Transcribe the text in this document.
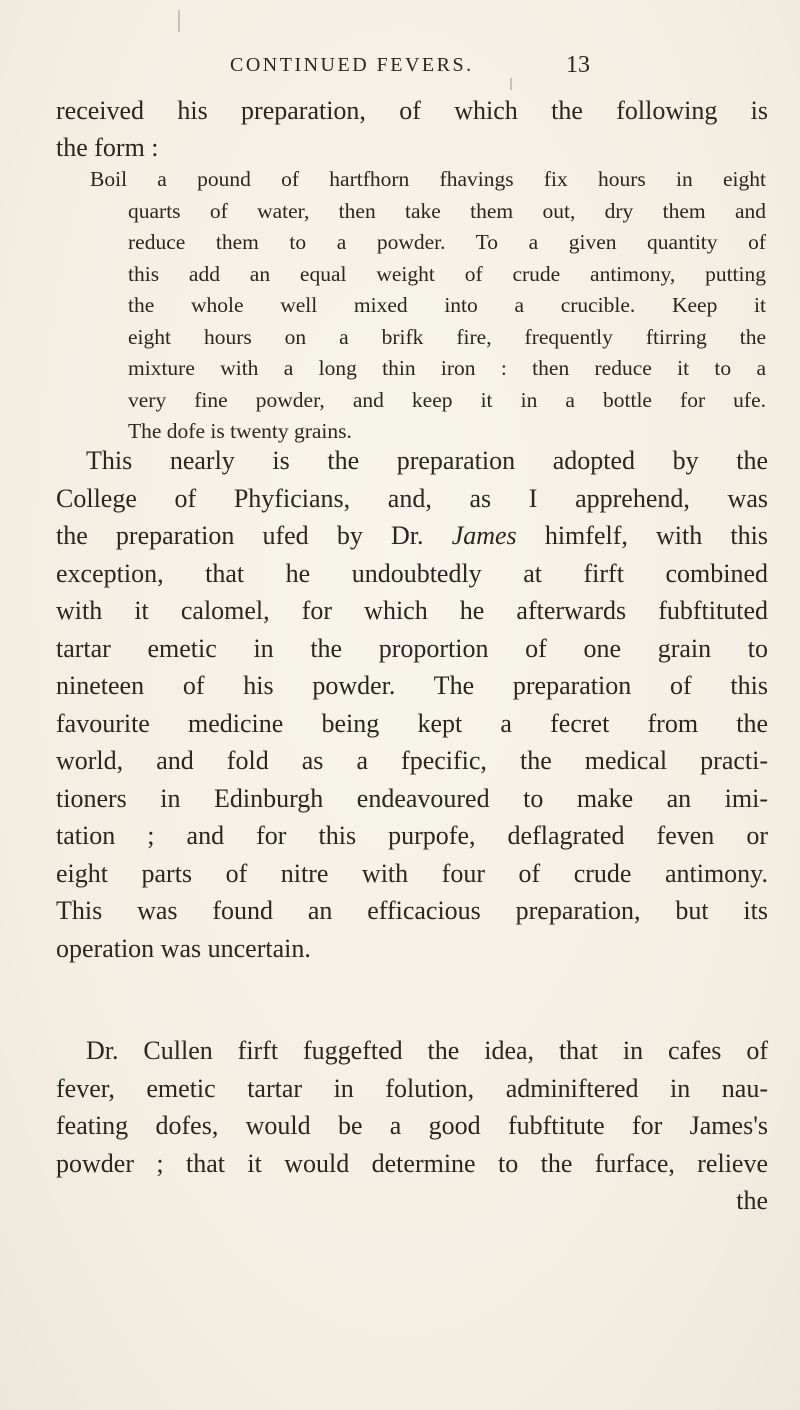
CONTINUED FEVERS.	13
received his preparation, of which the following is
the form :
Boil a pound of hartfhorn fhavings fix hours in eight
quarts of water, then take them out, dry them and
reduce them to a powder. To a given quantity of
this add an equal weight of crude antimony, putting
the whole well mixed into a crucible. Keep it
eight hours on a brifk fire, frequently ftirring the
mixture with a long thin iron : then reduce it to a
very fine powder, and keep it in a bottle for ufe.
The dofe is twenty grains.
This nearly is the preparation adopted by the
College of Phyficians, and, as I apprehend, was
the preparation ufed by Dr. James himfelf, with this
exception, that he undoubtedly at firft combined
with it calomel, for which he afterwards fubftituted
tartar emetic in the proportion of one grain to
nineteen of his powder. The preparation of this
favourite medicine being kept a fecret from the
world, and fold as a fpecific, the medical practi-
tioners in Edinburgh endeavoured to make an imi-
tation ; and for this purpofe, deflagrated feven or
eight parts of nitre with four of crude antimony.
This was found an efficacious preparation, but its
operation was uncertain.
Dr. Cullen firft fuggefted the idea, that in cafes of
fever, emetic tartar in folution, adminiftered in nau-
feating dofes, would be a good fubftitute for James's
powder ; that it would determine to the furface, relieve
the
